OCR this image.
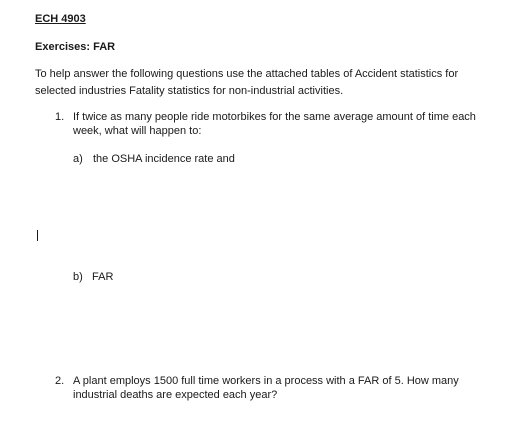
ECH 4903
Exercises: FAR
To help answer the following questions use the attached tables of Accident statistics for
selected industries Fatality statistics for non-industrial activities.
1. If twice as many people ride motorbikes for the same average amount of time each
week, what will happen to:
a) the OSHA incidence rate and
b) FAR
2. A plant employs 1500 full time workers in a process with a FAR of 5. How many
industrial deaths are expected each year?
